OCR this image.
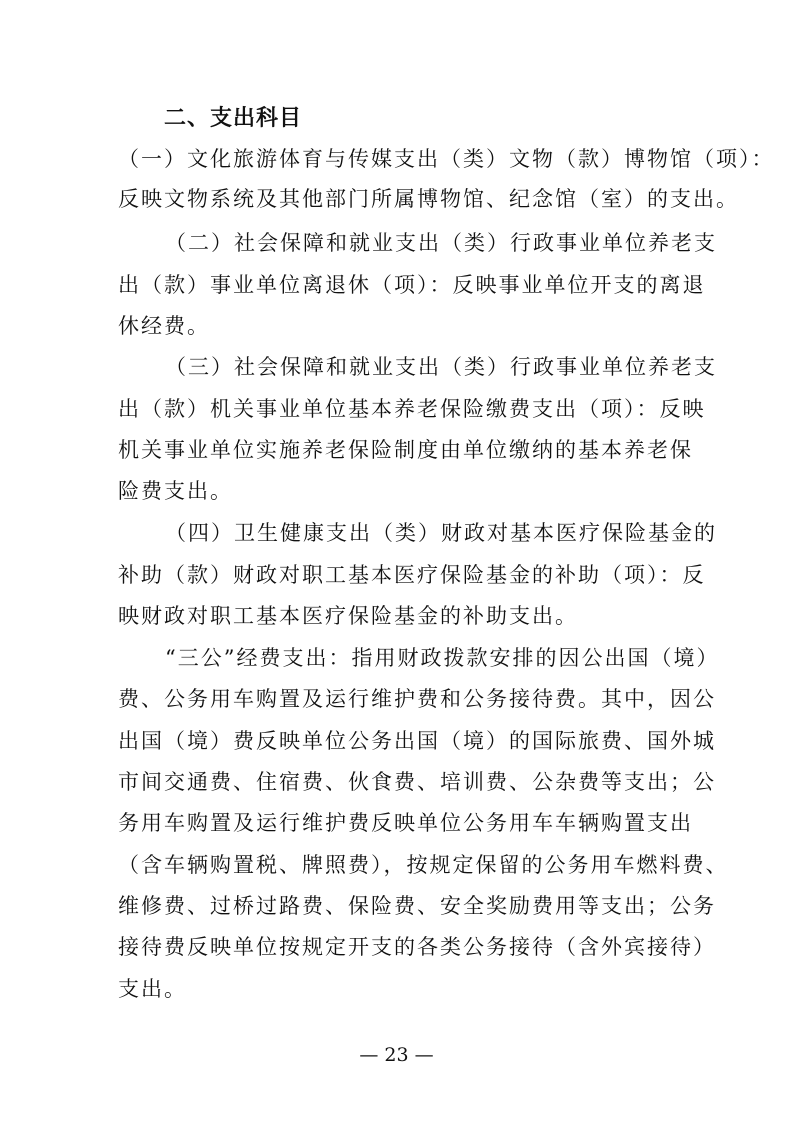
二、支出科目
（一）文化旅游体育与传媒支出（类）文物（款）博物馆（项）：
反映文物系统及其他部门所属博物馆、纪念馆（室）的支出。
（二）社会保障和就业支出（类）行政事业单位养老支
出（款）事业单位离退休（项）：反映事业单位开支的离退
休经费。
（三）社会保障和就业支出（类）行政事业单位养老支
出（款）机关事业单位基本养老保险缴费支出（项）：反映
机关事业单位实施养老保险制度由单位缴纳的基本养老保
险费支出。
（四）卫生健康支出（类）财政对基本医疗保险基金的
补助（款）财政对职工基本医疗保险基金的补助（项）：反
映财政对职工基本医疗保险基金的补助支出。
“三公”经费支出：指用财政拨款安排的因公出国（境）
费、公务用车购置及运行维护费和公务接待费。其中，因公
出国（境）费反映单位公务出国（境）的国际旅费、国外城
市间交通费、住宿费、伙食费、培训费、公杂费等支出；公
务用车购置及运行维护费反映单位公务用车车辆购置支出
（含车辆购置税、牌照费），按规定保留的公务用车燃料费、
维修费、过桥过路费、保险费、安全奖励费用等支出；公务
接待费反映单位按规定开支的各类公务接待（含外宾接待）
支出。
— 23 —
